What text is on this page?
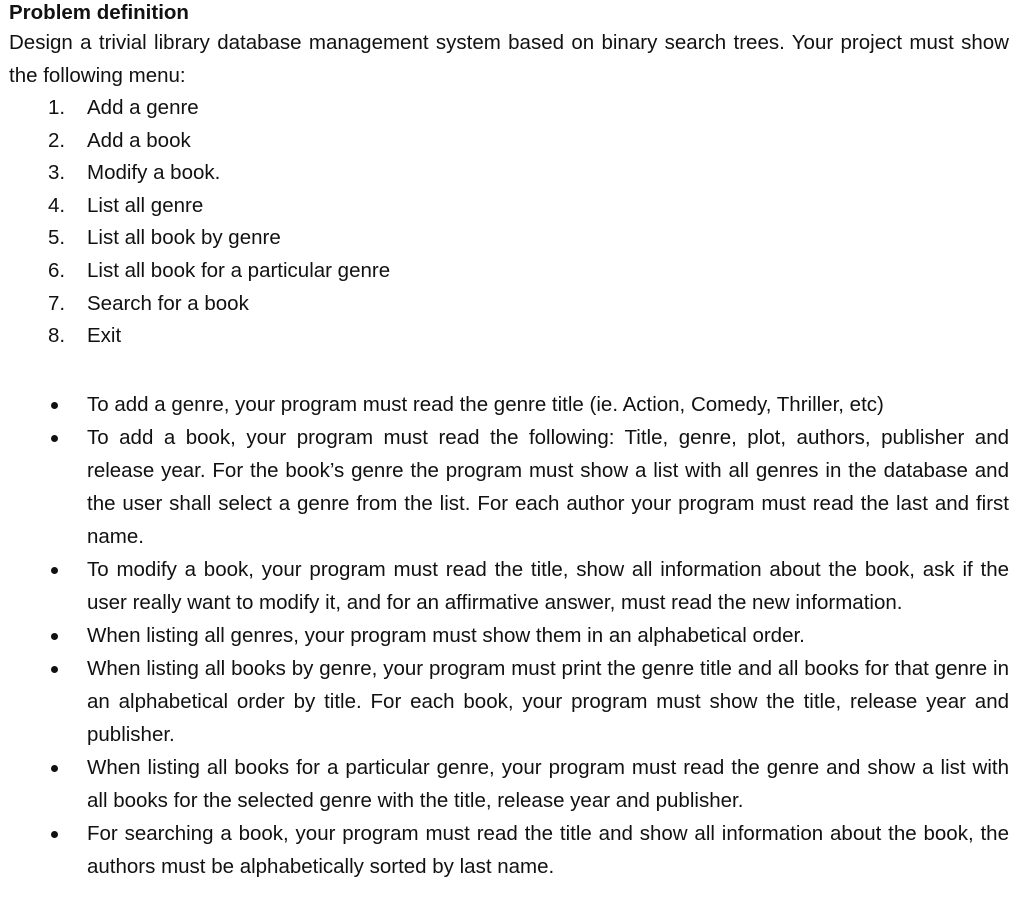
Problem definition

Design a trivial library database management system based on binary search trees. Your project must show the following menu:

1.	Add a genre
2.	Add a book
3.	Modify a book.
4.	List all genre
5.	List all book by genre
6.	List all book for a particular genre
7.	Search for a book
8.	Exit
To add a genre, your program must read the genre title (ie. Action, Comedy, Thriller, etc)
To add a book, your program must read the following: Title, genre, plot, authors, publisher and release year. For the book’s genre the program must show a list with all genres in the database and the user shall select a genre from the list. For each author your program must read the last and first name.
To modify a book, your program must read the title, show all information about the book, ask if the user really want to modify it, and for an affirmative answer, must read the new information.
When listing all genres, your program must show them in an alphabetical order.
When listing all books by genre, your program must print the genre title and all books for that genre in an alphabetical order by title. For each book, your program must show the title, release year and publisher.
When listing all books for a particular genre, your program must read the genre and show a list with all books for the selected genre with the title, release year and publisher.
For searching a book, your program must read the title and show all information about the book, the authors must be alphabetically sorted by last name.
